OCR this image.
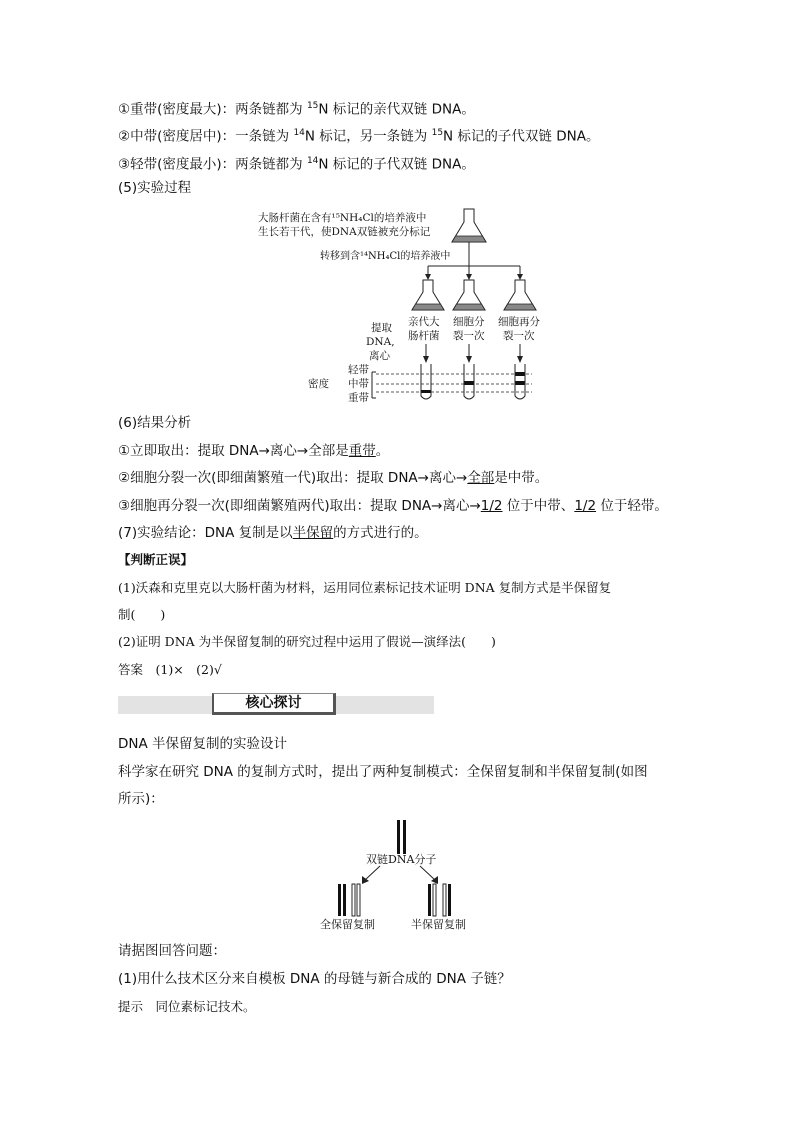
①重带(密度最大)：两条链都为 $^{15}$N 标记的亲代双链 DNA。
②中带(密度居中)：一条链为 $^{14}$N 标记，另一条链为 $^{15}$N 标记的子代双链 DNA。
③轻带(密度最小)：两条链都为 $^{14}$N 标记的子代双链 DNA。
(5)实验过程
大肠杆菌在含有¹⁵NH₄Cl的培养液中
生长若干代，使DNA双链被充分标记
转移到含¹⁴NH₄Cl的培养液中
亲代大
肠杆菌
细胞分
裂一次
细胞再分
裂一次
提取
DNA,
离心
轻带
中带
重带
密度
(6)结果分析
①立即取出：提取 DNA→离心→全部是重带。
②细胞分裂一次(即细菌繁殖一代)取出：提取 DNA→离心→全部是中带。
③细胞再分裂一次(即细菌繁殖两代)取出：提取 DNA→离心→1/2 位于中带、1/2 位于轻带。
(7)实验结论：DNA 复制是以半保留的方式进行的。
【判断正误】
(1)沃森和克里克以大肠杆菌为材料，运用同位素标记技术证明 DNA 复制方式是半保留复
制(　　)
(2)证明 DNA 为半保留复制的研究过程中运用了假说—演绎法(　　)
答案　(1)×　(2)√
核心探讨
DNA 半保留复制的实验设计
科学家在研究 DNA 的复制方式时，提出了两种复制模式：全保留复制和半保留复制(如图
所示)：
双链DNA分子
全保留复制	半保留复制
请据图回答问题：
(1)用什么技术区分来自模板 DNA 的母链与新合成的 DNA 子链？
提示　同位素标记技术。
